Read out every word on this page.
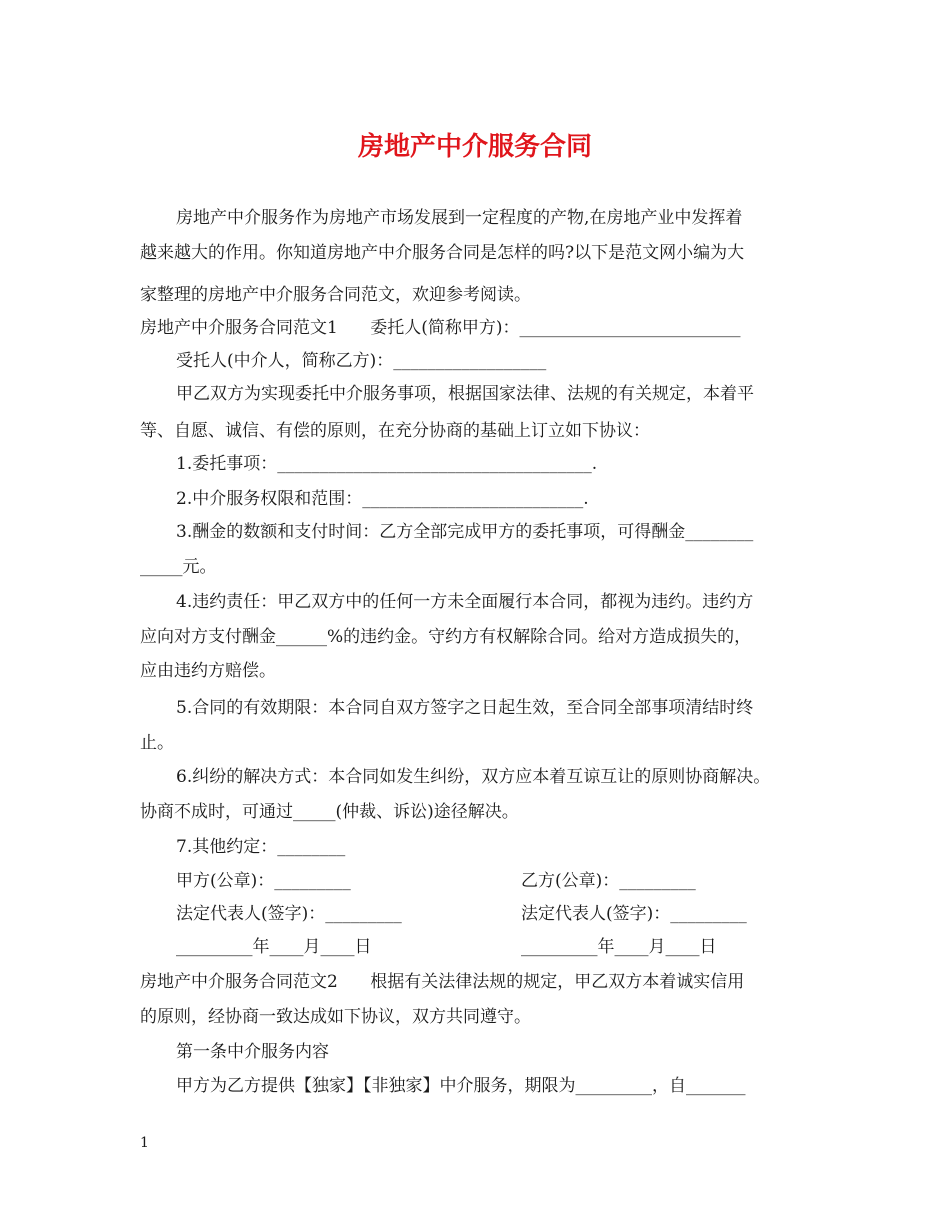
房地产中介服务合同

房地产中介服务作为房地产市场发展到一定程度的产物,在房地产业中发挥着

越来越大的作用。你知道房地产中介服务合同是怎样的吗?以下是范文网小编为大

家整理的房地产中介服务合同范文，欢迎参考阅读。

房地产中介服务合同范文1      委托人(简称甲方)：__________________________

受托人(中介人，简称乙方)：__________________

甲乙双方为实现委托中介服务事项，根据国家法律、法规的有关规定，本着平

等、自愿、诚信、有偿的原则，在充分协商的基础上订立如下协议：

1.委托事项：_____________________________________.

2.中介服务权限和范围：__________________________.

3.酬金的数额和支付时间：乙方全部完成甲方的委托事项，可得酬金________

_____元。

4.违约责任：甲乙双方中的任何一方未全面履行本合同，都视为违约。违约方

应向对方支付酬金______%的违约金。守约方有权解除合同。给对方造成损失的，

应由违约方赔偿。

5.合同的有效期限：本合同自双方签字之日起生效，至合同全部事项清结时终

止。

6.纠纷的解决方式：本合同如发生纠纷，双方应本着互谅互让的原则协商解决。

协商不成时，可通过_____(仲裁、诉讼)途径解决。

7.其他约定：________

甲方(公章)：_________	乙方(公章)：_________

法定代表人(签字)：_________	法定代表人(签字)：_________

_________年____月____日	_________年____月____日

房地产中介服务合同范文2      根据有关法律法规的规定，甲乙双方本着诚实信用

的原则，经协商一致达成如下协议，双方共同遵守。

第一条中介服务内容

甲方为乙方提供【独家】【非独家】中介服务，期限为_________，自_______

1
